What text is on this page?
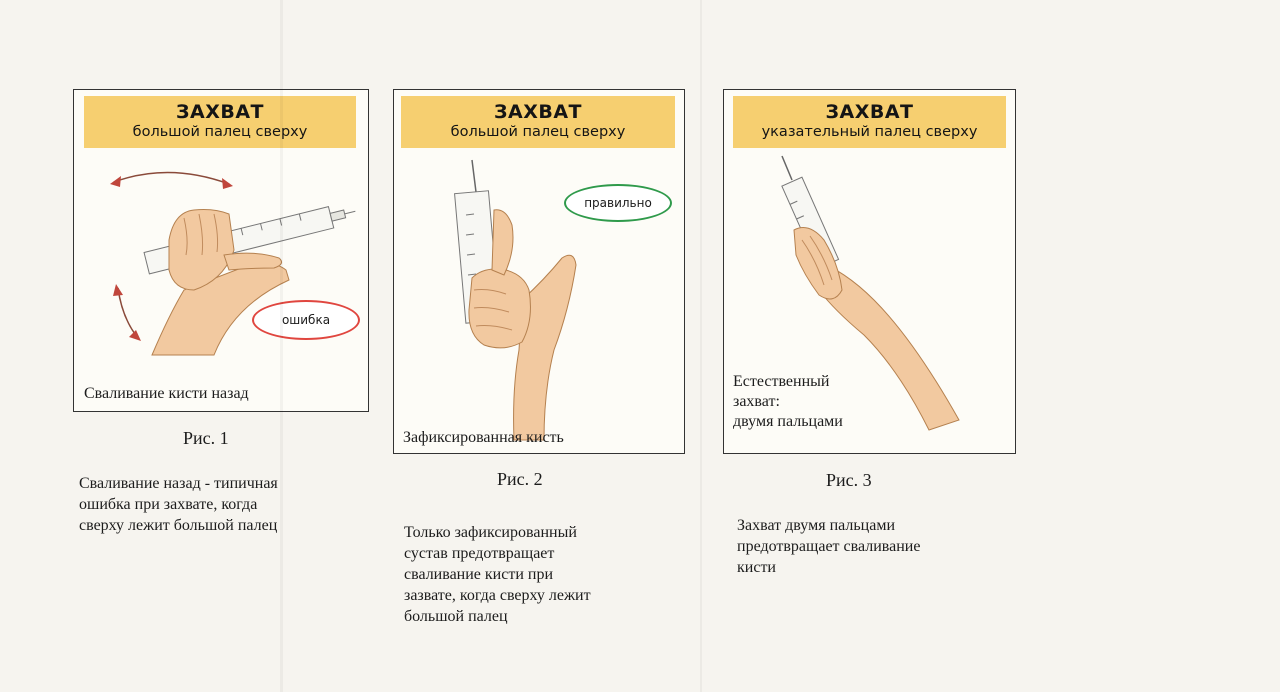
ЗАХВАТ
большой палец сверху
ошибка
Сваливание кисти назад
Рис. 1
Сваливание назад - типичная
ошибка при захвате, когда
сверху лежит большой палец
ЗАХВАТ
большой палец сверху
правильно
Зафиксированная кисть
Рис. 2
Только зафиксированный
сустав предотвращает
сваливание кисти при
зазвате, когда сверху лежит
большой палец
ЗАХВАТ
указательный палец сверху
Естественный
захват:
двумя пальцами
Рис. 3
Захват двумя пальцами
предотвращает сваливание
кисти
